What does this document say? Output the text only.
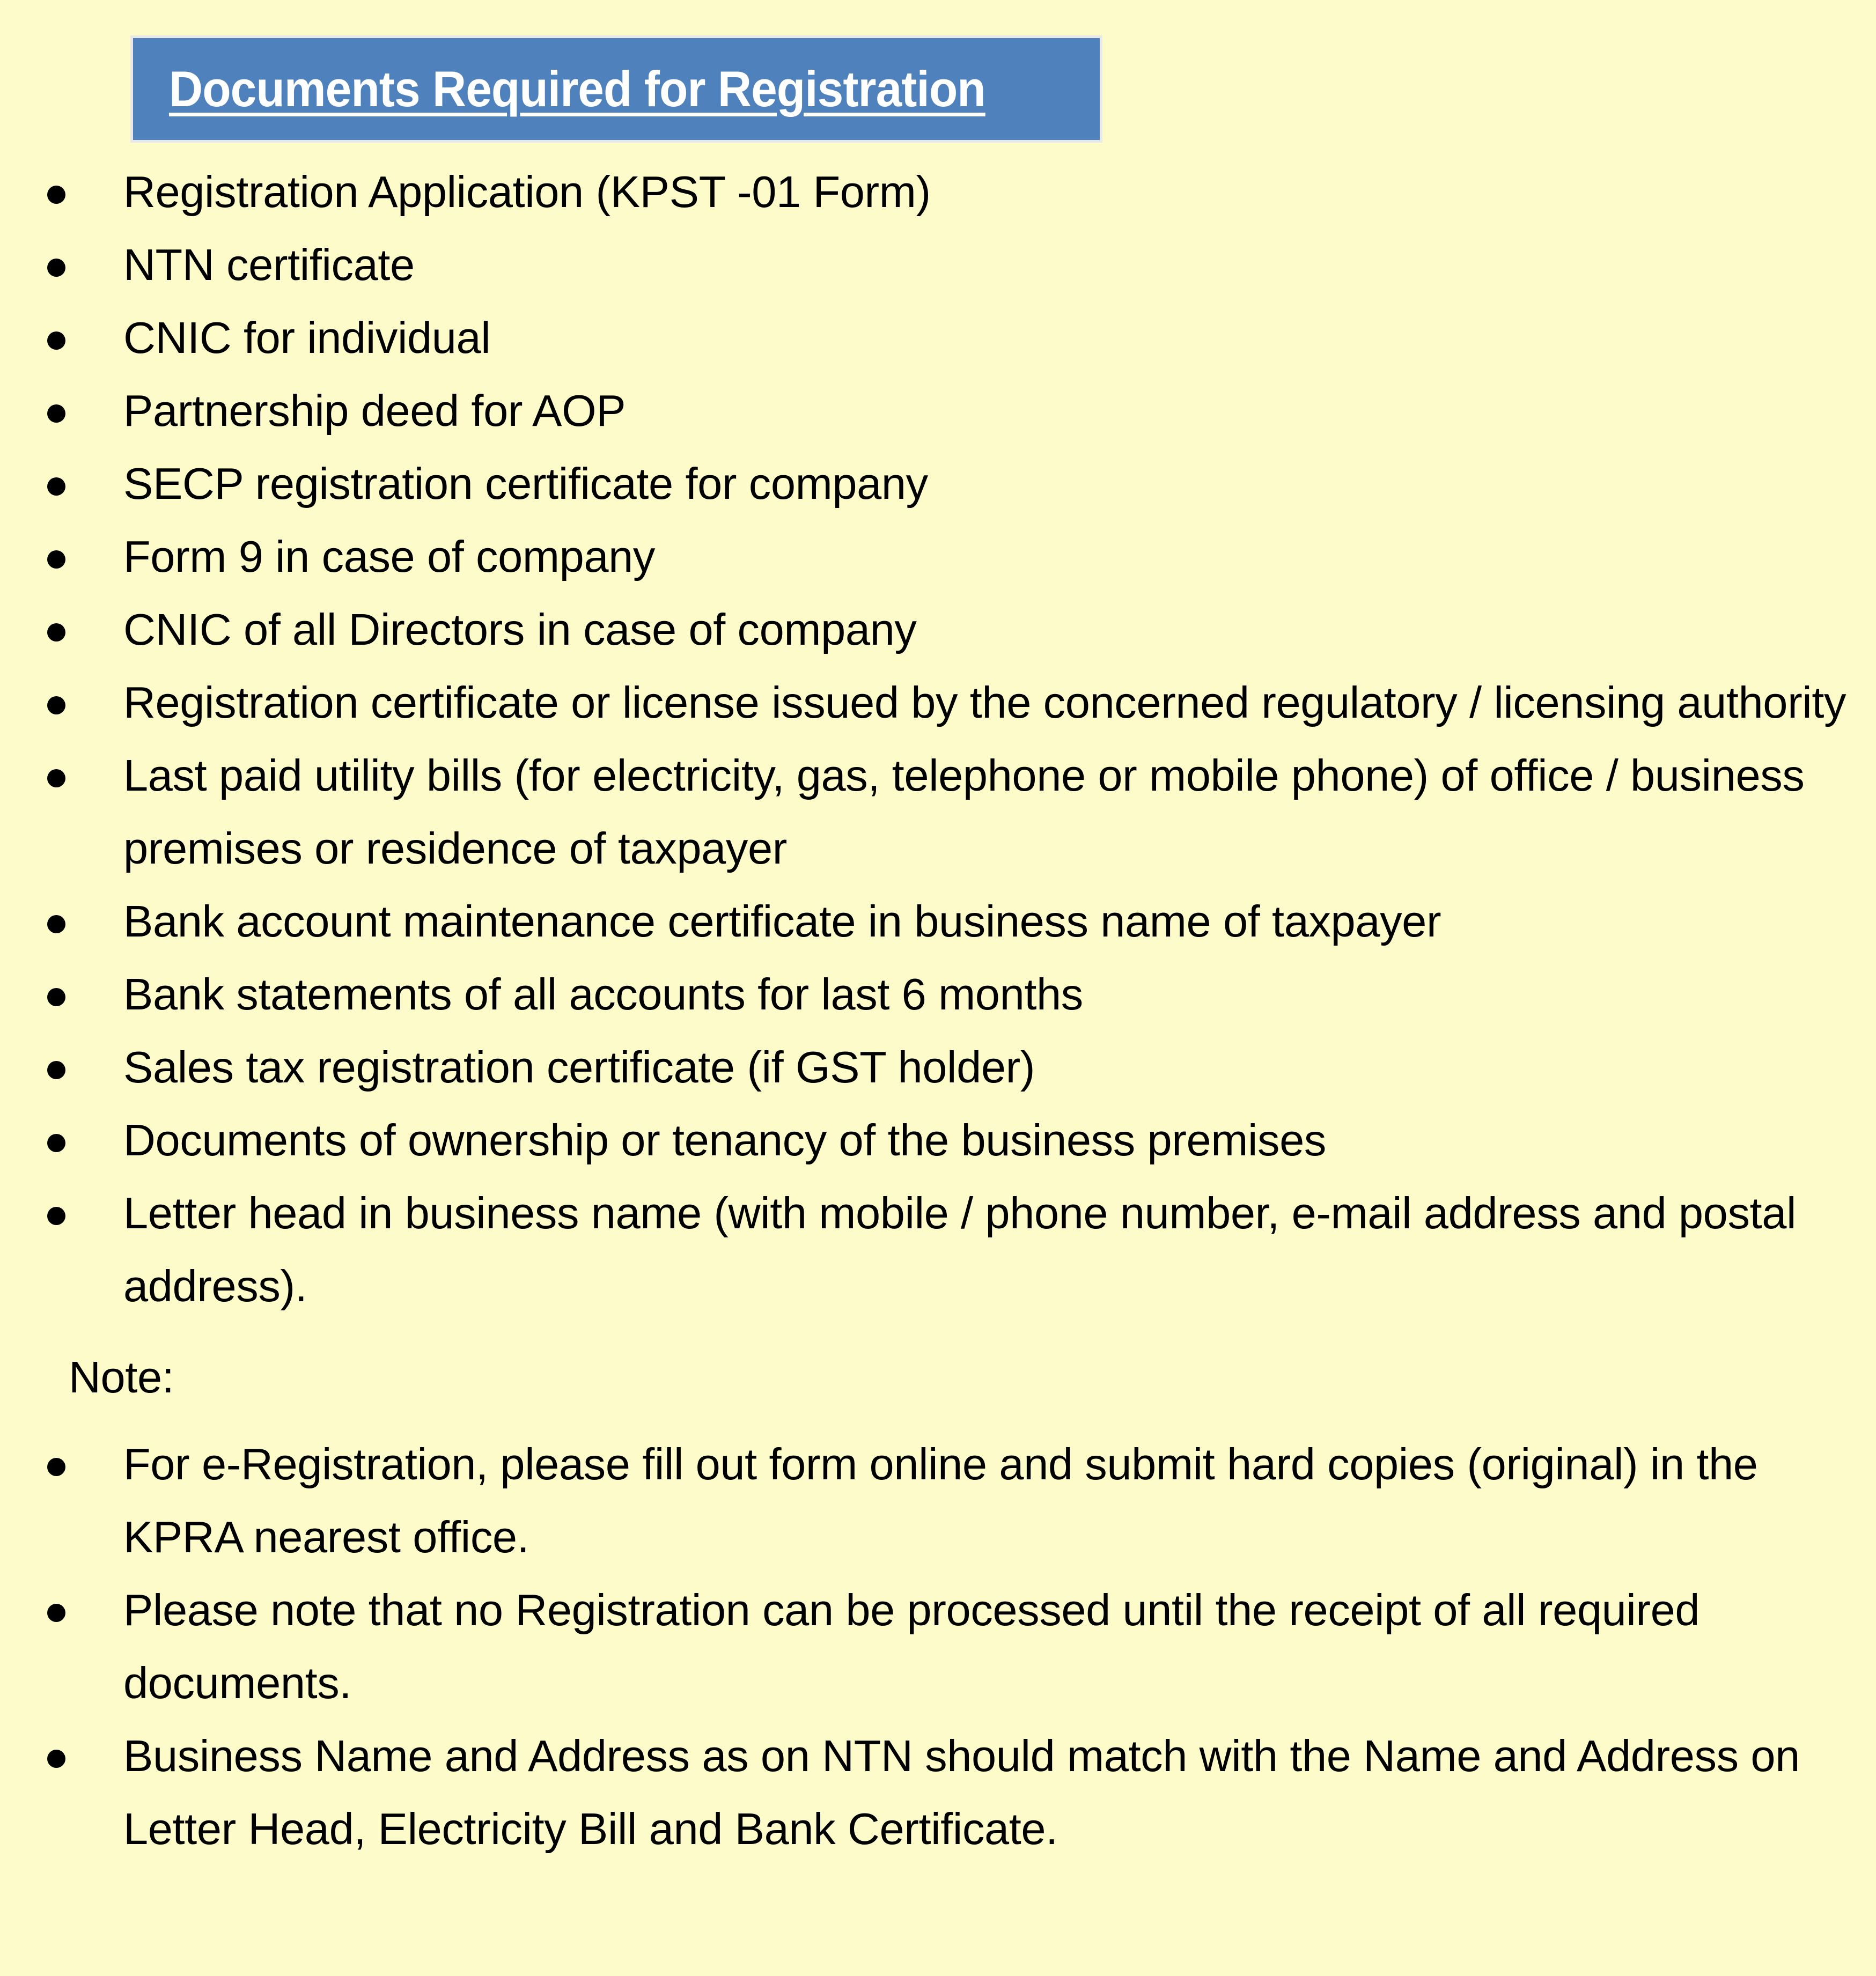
Documents Required for Registration
Registration Application (KPST -01 Form)
NTN certificate
CNIC for individual
Partnership deed for AOP
SECP registration certificate for company
Form 9 in case of company
CNIC of all Directors in case of company
Registration certificate or license issued by the concerned regulatory / licensing authority
Last paid utility bills (for electricity, gas, telephone or mobile phone) of office / business premises or residence of taxpayer
Bank account maintenance certificate in business name of taxpayer
Bank statements of all accounts for last 6 months
Sales tax registration certificate (if GST holder)
Documents of ownership or tenancy of the business premises
Letter head in business name (with mobile / phone number, e-mail address and postal address).
Note:
For e-Registration, please fill out form online and submit hard copies (original) in the KPRA nearest office.
Please note that no Registration can be processed until the receipt of all required documents.
Business Name and Address as on NTN should match with the Name and Address on Letter Head, Electricity Bill and Bank Certificate.
